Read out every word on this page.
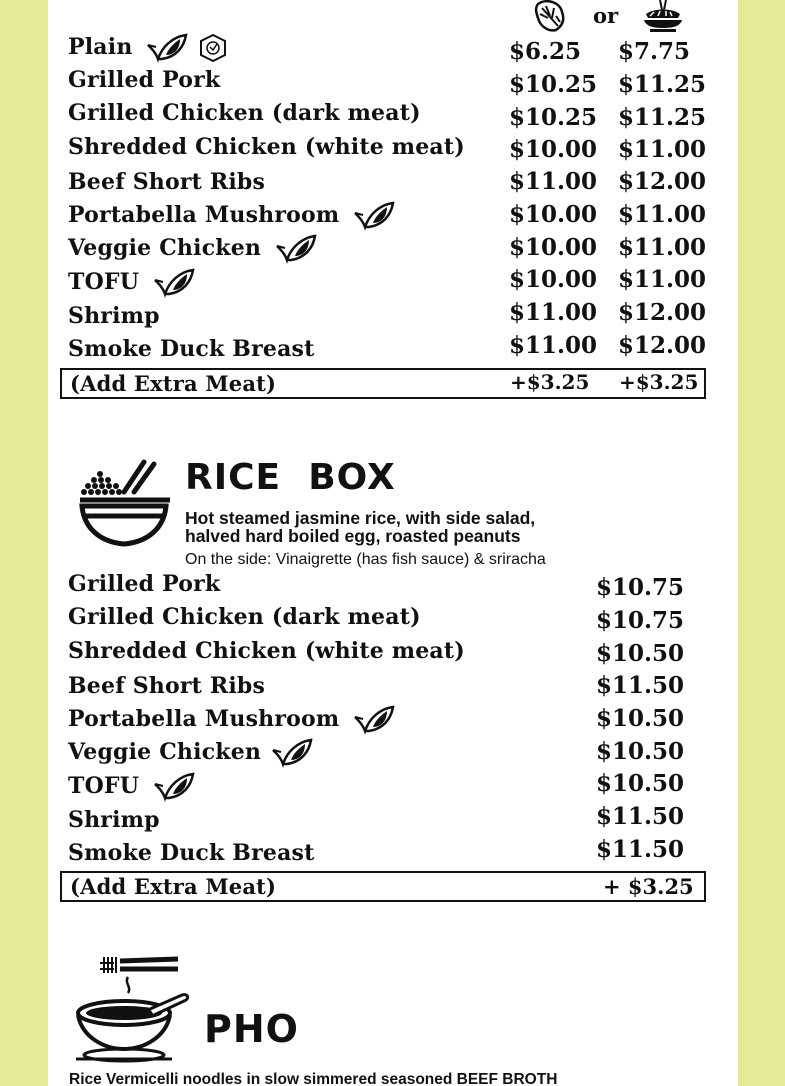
or
Plain	$6.25 $7.75
Grilled Pork	$10.25 $11.25
Grilled Chicken (dark meat)	$10.25 $11.25
Shredded Chicken (white meat) $10.00 $11.00
Beef Short Ribs	$11.00 $12.00
Portabella Mushroom	$10.00 $11.00
Veggie Chicken	$10.00 $11.00
TOFU	$10.00 $11.00
Shrimp	$11.00 $12.00
Smoke Duck Breast	$11.00 $12.00
(Add Extra Meat)	+$3.25 +$3.25
RICE  BOX
Hot steamed jasmine rice, with side salad,
halved hard boiled egg, roasted peanuts
On the side: Vinaigrette (has fish sauce) & sriracha
Grilled Pork	$10.75
Grilled Chicken (dark meat)	$10.75
Shredded Chicken (white meat)	$10.50
Beef Short Ribs	$11.50
Portabella Mushroom	$10.50
Veggie Chicken	$10.50
TOFU	$10.50
Shrimp	$11.50
Smoke Duck Breast	$11.50
(Add Extra Meat)	+ $3.25
PHO
Rice Vermicelli noodles in slow simmered seasoned BEEF BROTH
